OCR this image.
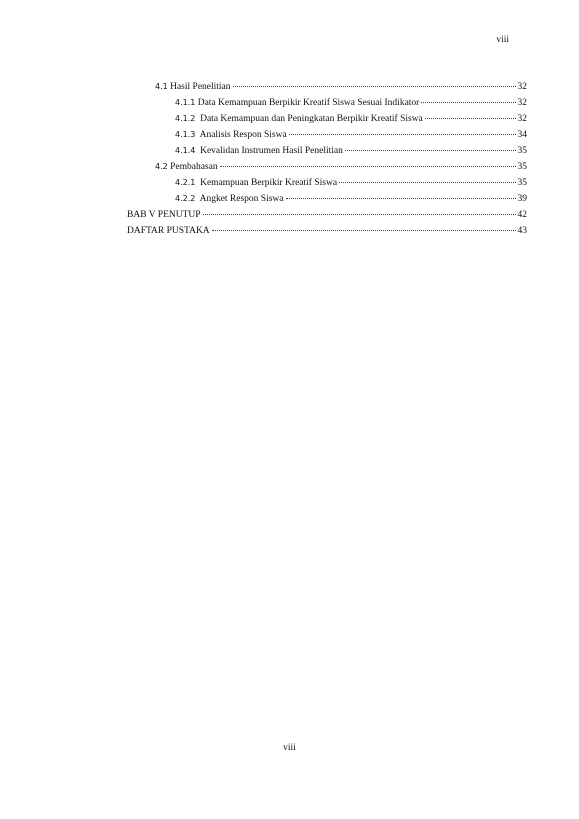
viii
4.1 Hasil Penelitian	32
4.1.1 Data Kemampuan Berpikir Kreatif Siswa Sesuai Indikator	32
4.1.2  Data Kemampuan dan Peningkatan Berpikir Kreatif Siswa	32
4.1.3  Analisis Respon Siswa	34
4.1.4  Kevalidan Instrumen Hasil Penelitian	35
4.2 Pembahasan	35
4.2.1  Kemampuan Berpikir Kreatif Siswa	35
4.2.2  Angket Respon Siswa	39
BAB V PENUTUP	42
DAFTAR PUSTAKA	43
viii
